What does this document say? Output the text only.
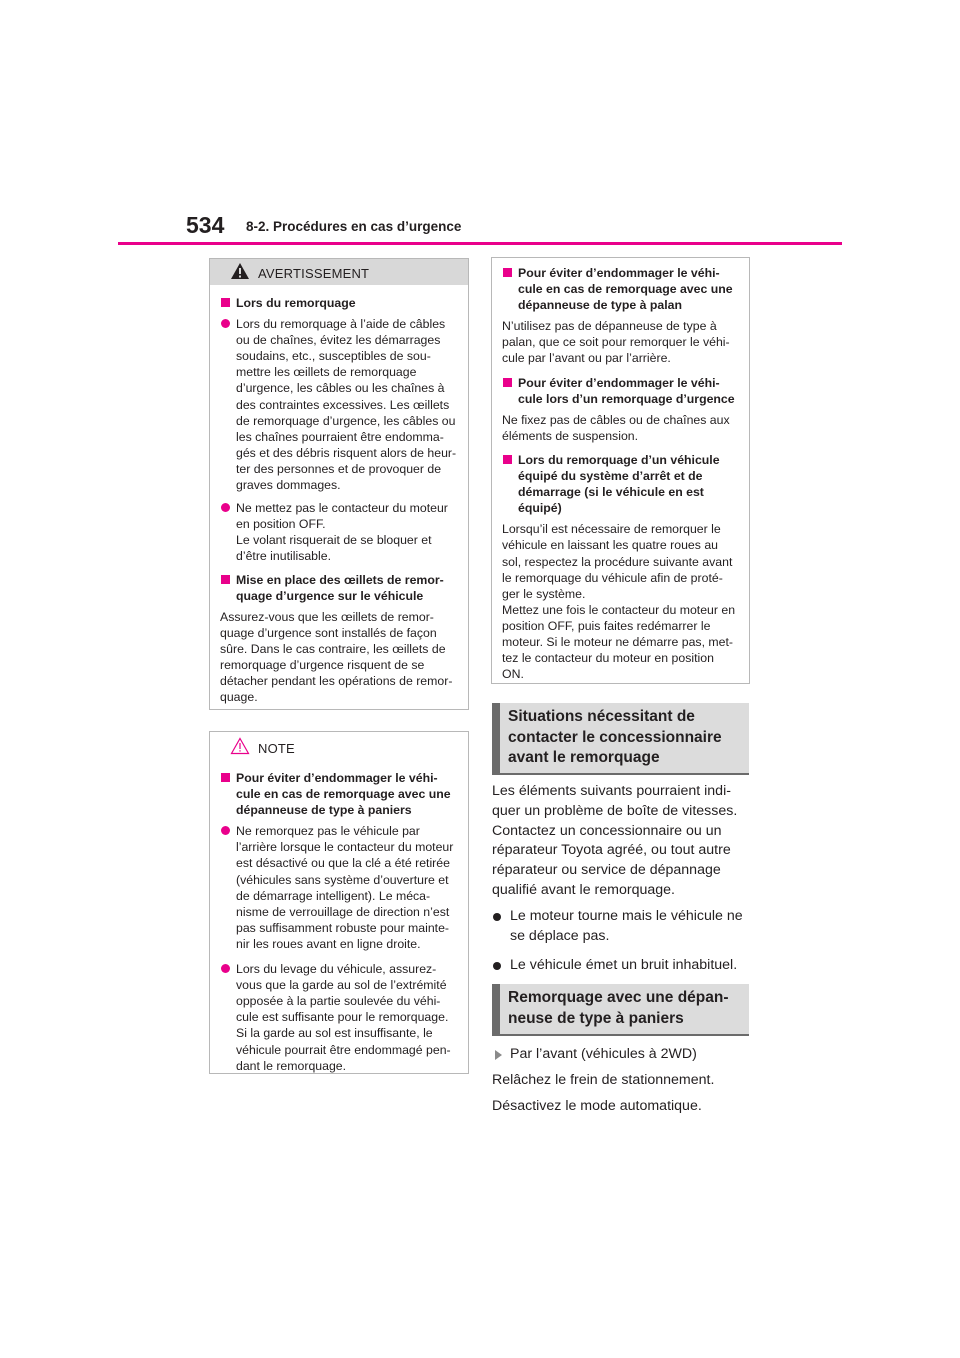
534 8-2. Procédures en cas d’urgence
AVERTISSEMENT
Lors du remorquage
Lors du remorquage à l’aide de câbles ou de chaînes, évitez les démarrages soudains, etc., susceptibles de sou- mettre les œillets de remorquage d’urgence, les câbles ou les chaînes à des contraintes excessives. Les œillets de remorquage d’urgence, les câbles ou les chaînes pourraient être endomma- gés et des débris risquent alors de heur- ter des personnes et de provoquer de graves dommages.
Ne mettez pas le contacteur du moteur en position OFF.
Le volant risquerait de se bloquer et d’être inutilisable.
Mise en place des œillets de remor- quage d’urgence sur le véhicule
Assurez-vous que les œillets de remor- quage d’urgence sont installés de façon sûre. Dans le cas contraire, les œillets de remorquage d’urgence risquent de se détacher pendant les opérations de remor- quage.
NOTE
Pour éviter d’endommager le véhi- cule en cas de remorquage avec une dépanneuse de type à paniers
Ne remorquez pas le véhicule par l’arrière lorsque le contacteur du moteur est désactivé ou que la clé a été retirée (véhicules sans système d’ouverture et de démarrage intelligent). Le méca- nisme de verrouillage de direction n’est pas suffisamment robuste pour mainte- nir les roues avant en ligne droite.
Lors du levage du véhicule, assurez- vous que la garde au sol de l’extrémité opposée à la partie soulevée du véhi- cule est suffisante pour le remorquage. Si la garde au sol est insuffisante, le véhicule pourrait être endommagé pen- dant le remorquage.
Pour éviter d’endommager le véhi- cule en cas de remorquage avec une dépanneuse de type à palan
N’utilisez pas de dépanneuse de type à palan, que ce soit pour remorquer le véhi- cule par l’avant ou par l’arrière.
Pour éviter d’endommager le véhi- cule lors d’un remorquage d’urgence
Ne fixez pas de câbles ou de chaînes aux éléments de suspension.
Lors du remorquage d’un véhicule équipé du système d’arrêt et de démarrage (si le véhicule en est équipé)
Lorsqu’il est nécessaire de remorquer le véhicule en laissant les quatre roues au sol, respectez la procédure suivante avant le remorquage du véhicule afin de proté- ger le système.
Mettez une fois le contacteur du moteur en position OFF, puis faites redémarrer le moteur. Si le moteur ne démarre pas, met- tez le contacteur du moteur en position ON.
Situations nécessitant de contacter le concessionnaire avant le remorquage
Les éléments suivants pourraient indi- quer un problème de boîte de vitesses. Contactez un concessionnaire ou un réparateur Toyota agréé, ou tout autre réparateur ou service de dépannage qualifié avant le remorquage.
Le moteur tourne mais le véhicule ne se déplace pas.
Le véhicule émet un bruit inhabituel.
Remorquage avec une dépan- neuse de type à paniers
Par l’avant (véhicules à 2WD)
Relâchez le frein de stationnement.
Désactivez le mode automatique.
